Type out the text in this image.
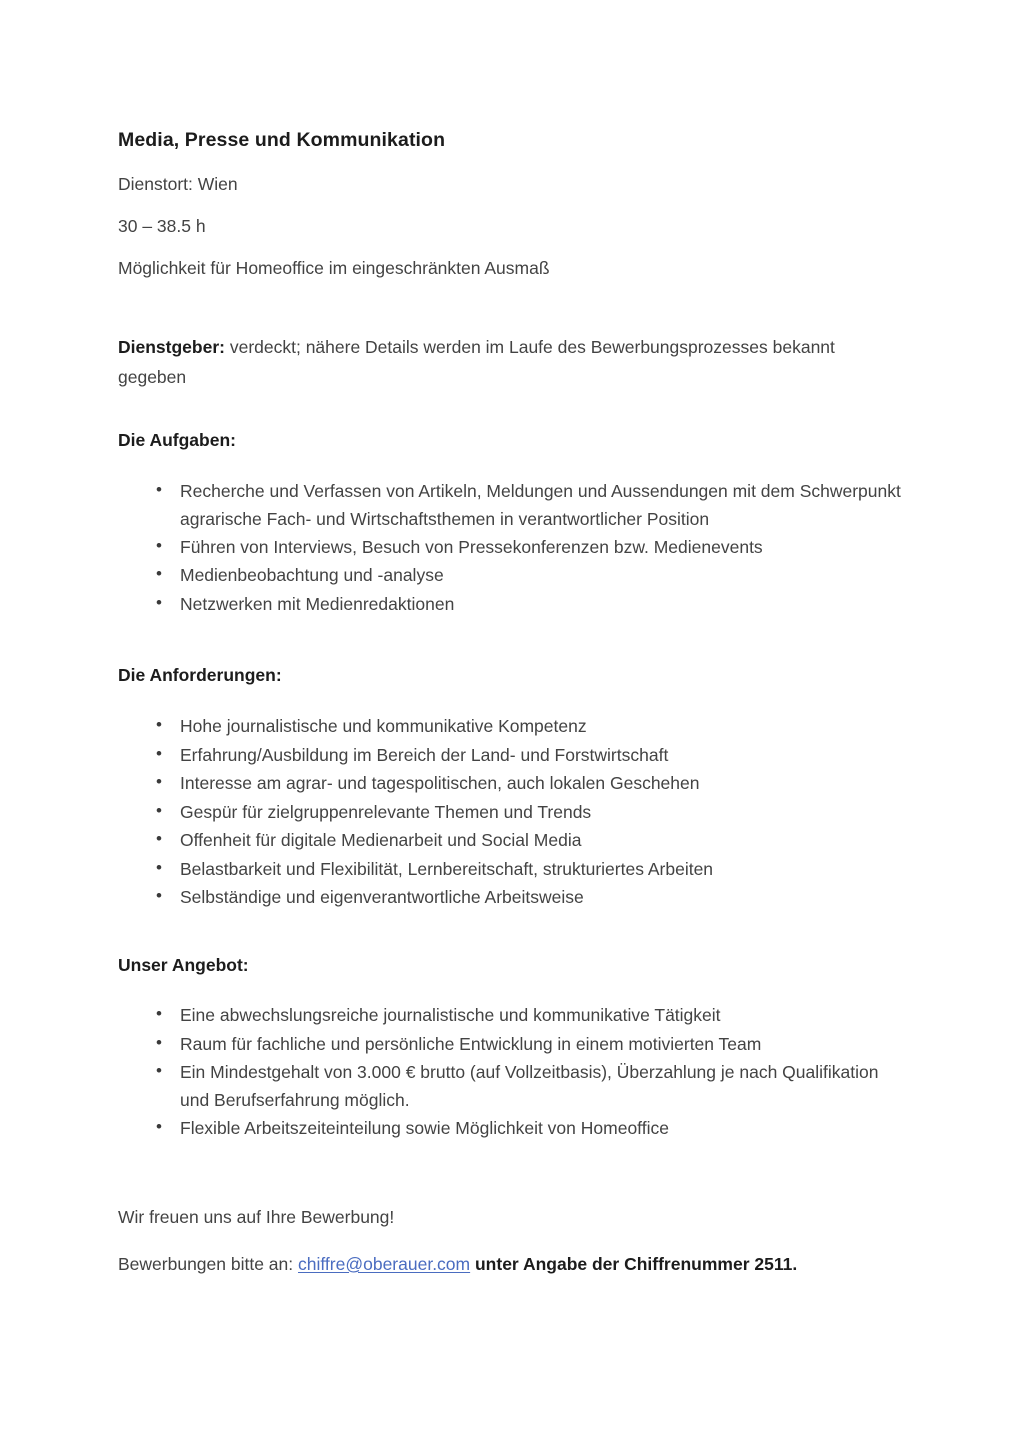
Media, Presse und Kommunikation

Dienstort: Wien

30 – 38.5 h

Möglichkeit für Homeoffice im eingeschränkten Ausmaß

Dienstgeber: verdeckt; nähere Details werden im Laufe des Bewerbungsprozesses bekannt gegeben

Die Aufgaben:
• Recherche und Verfassen von Artikeln, Meldungen und Aussendungen mit dem Schwerpunkt agrarische Fach- und Wirtschaftsthemen in verantwortlicher Position
• Führen von Interviews, Besuch von Pressekonferenzen bzw. Medienevents
• Medienbeobachtung und -analyse
• Netzwerken mit Medienredaktionen
Die Anforderungen:
• Hohe journalistische und kommunikative Kompetenz
• Erfahrung/Ausbildung im Bereich der Land- und Forstwirtschaft
• Interesse am agrar- und tagespolitischen, auch lokalen Geschehen
• Gespür für zielgruppenrelevante Themen und Trends
• Offenheit für digitale Medienarbeit und Social Media
• Belastbarkeit und Flexibilität, Lernbereitschaft, strukturiertes Arbeiten
• Selbständige und eigenverantwortliche Arbeitsweise
Unser Angebot:
• Eine abwechslungsreiche journalistische und kommunikative Tätigkeit
• Raum für fachliche und persönliche Entwicklung in einem motivierten Team
• Ein Mindestgehalt von 3.000 € brutto (auf Vollzeitbasis), Überzahlung je nach Qualifikation und Berufserfahrung möglich.
• Flexible Arbeitszeiteinteilung sowie Möglichkeit von Homeoffice

Wir freuen uns auf Ihre Bewerbung!

Bewerbungen bitte an: chiffre@oberauer.com unter Angabe der Chiffrenummer 2511.
